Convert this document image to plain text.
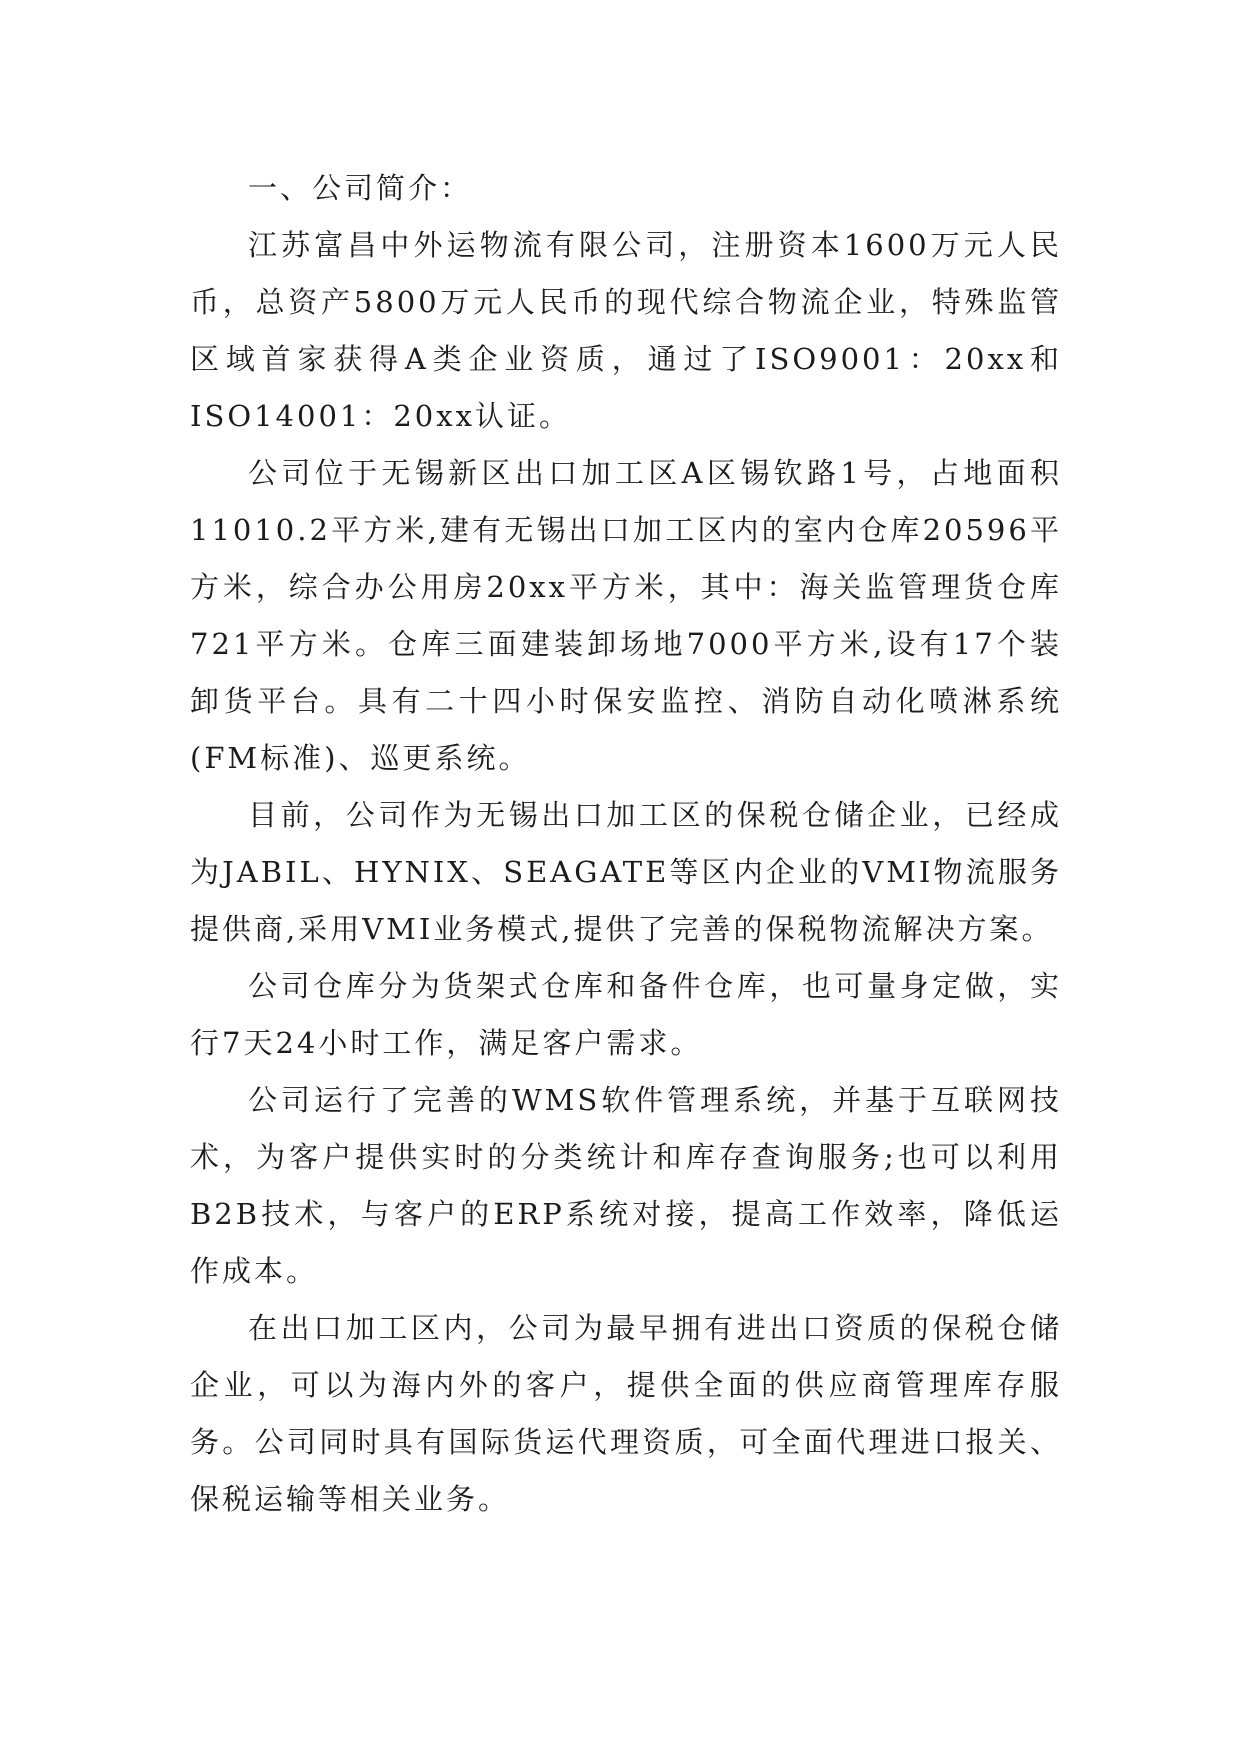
一、公司简介：

江苏富昌中外运物流有限公司，注册资本1600万元人民币，总资产5800万元人民币的现代综合物流企业，特殊监管区域首家获得A类企业资质，通过了ISO9001：20xx和ISO14001：20xx认证。

公司位于无锡新区出口加工区A区锡钦路1号，占地面积11010.2平方米,建有无锡出口加工区内的室内仓库20596平方米，综合办公用房20xx平方米，其中：海关监管理货仓库721平方米。仓库三面建装卸场地7000平方米,设有17个装卸货平台。具有二十四小时保安监控、消防自动化喷淋系统(FM标准)、巡更系统。

目前，公司作为无锡出口加工区的保税仓储企业，已经成为JABIL、HYNIX、SEAGATE等区内企业的VMI物流服务提供商,采用VMI业务模式,提供了完善的保税物流解决方案。

公司仓库分为货架式仓库和备件仓库，也可量身定做，实行7天24小时工作，满足客户需求。

公司运行了完善的WMS软件管理系统，并基于互联网技术，为客户提供实时的分类统计和库存查询服务;也可以利用B2B技术，与客户的ERP系统对接，提高工作效率，降低运作成本。

在出口加工区内，公司为最早拥有进出口资质的保税仓储企业，可以为海内外的客户，提供全面的供应商管理库存服务。公司同时具有国际货运代理资质，可全面代理进口报关、保税运输等相关业务。
